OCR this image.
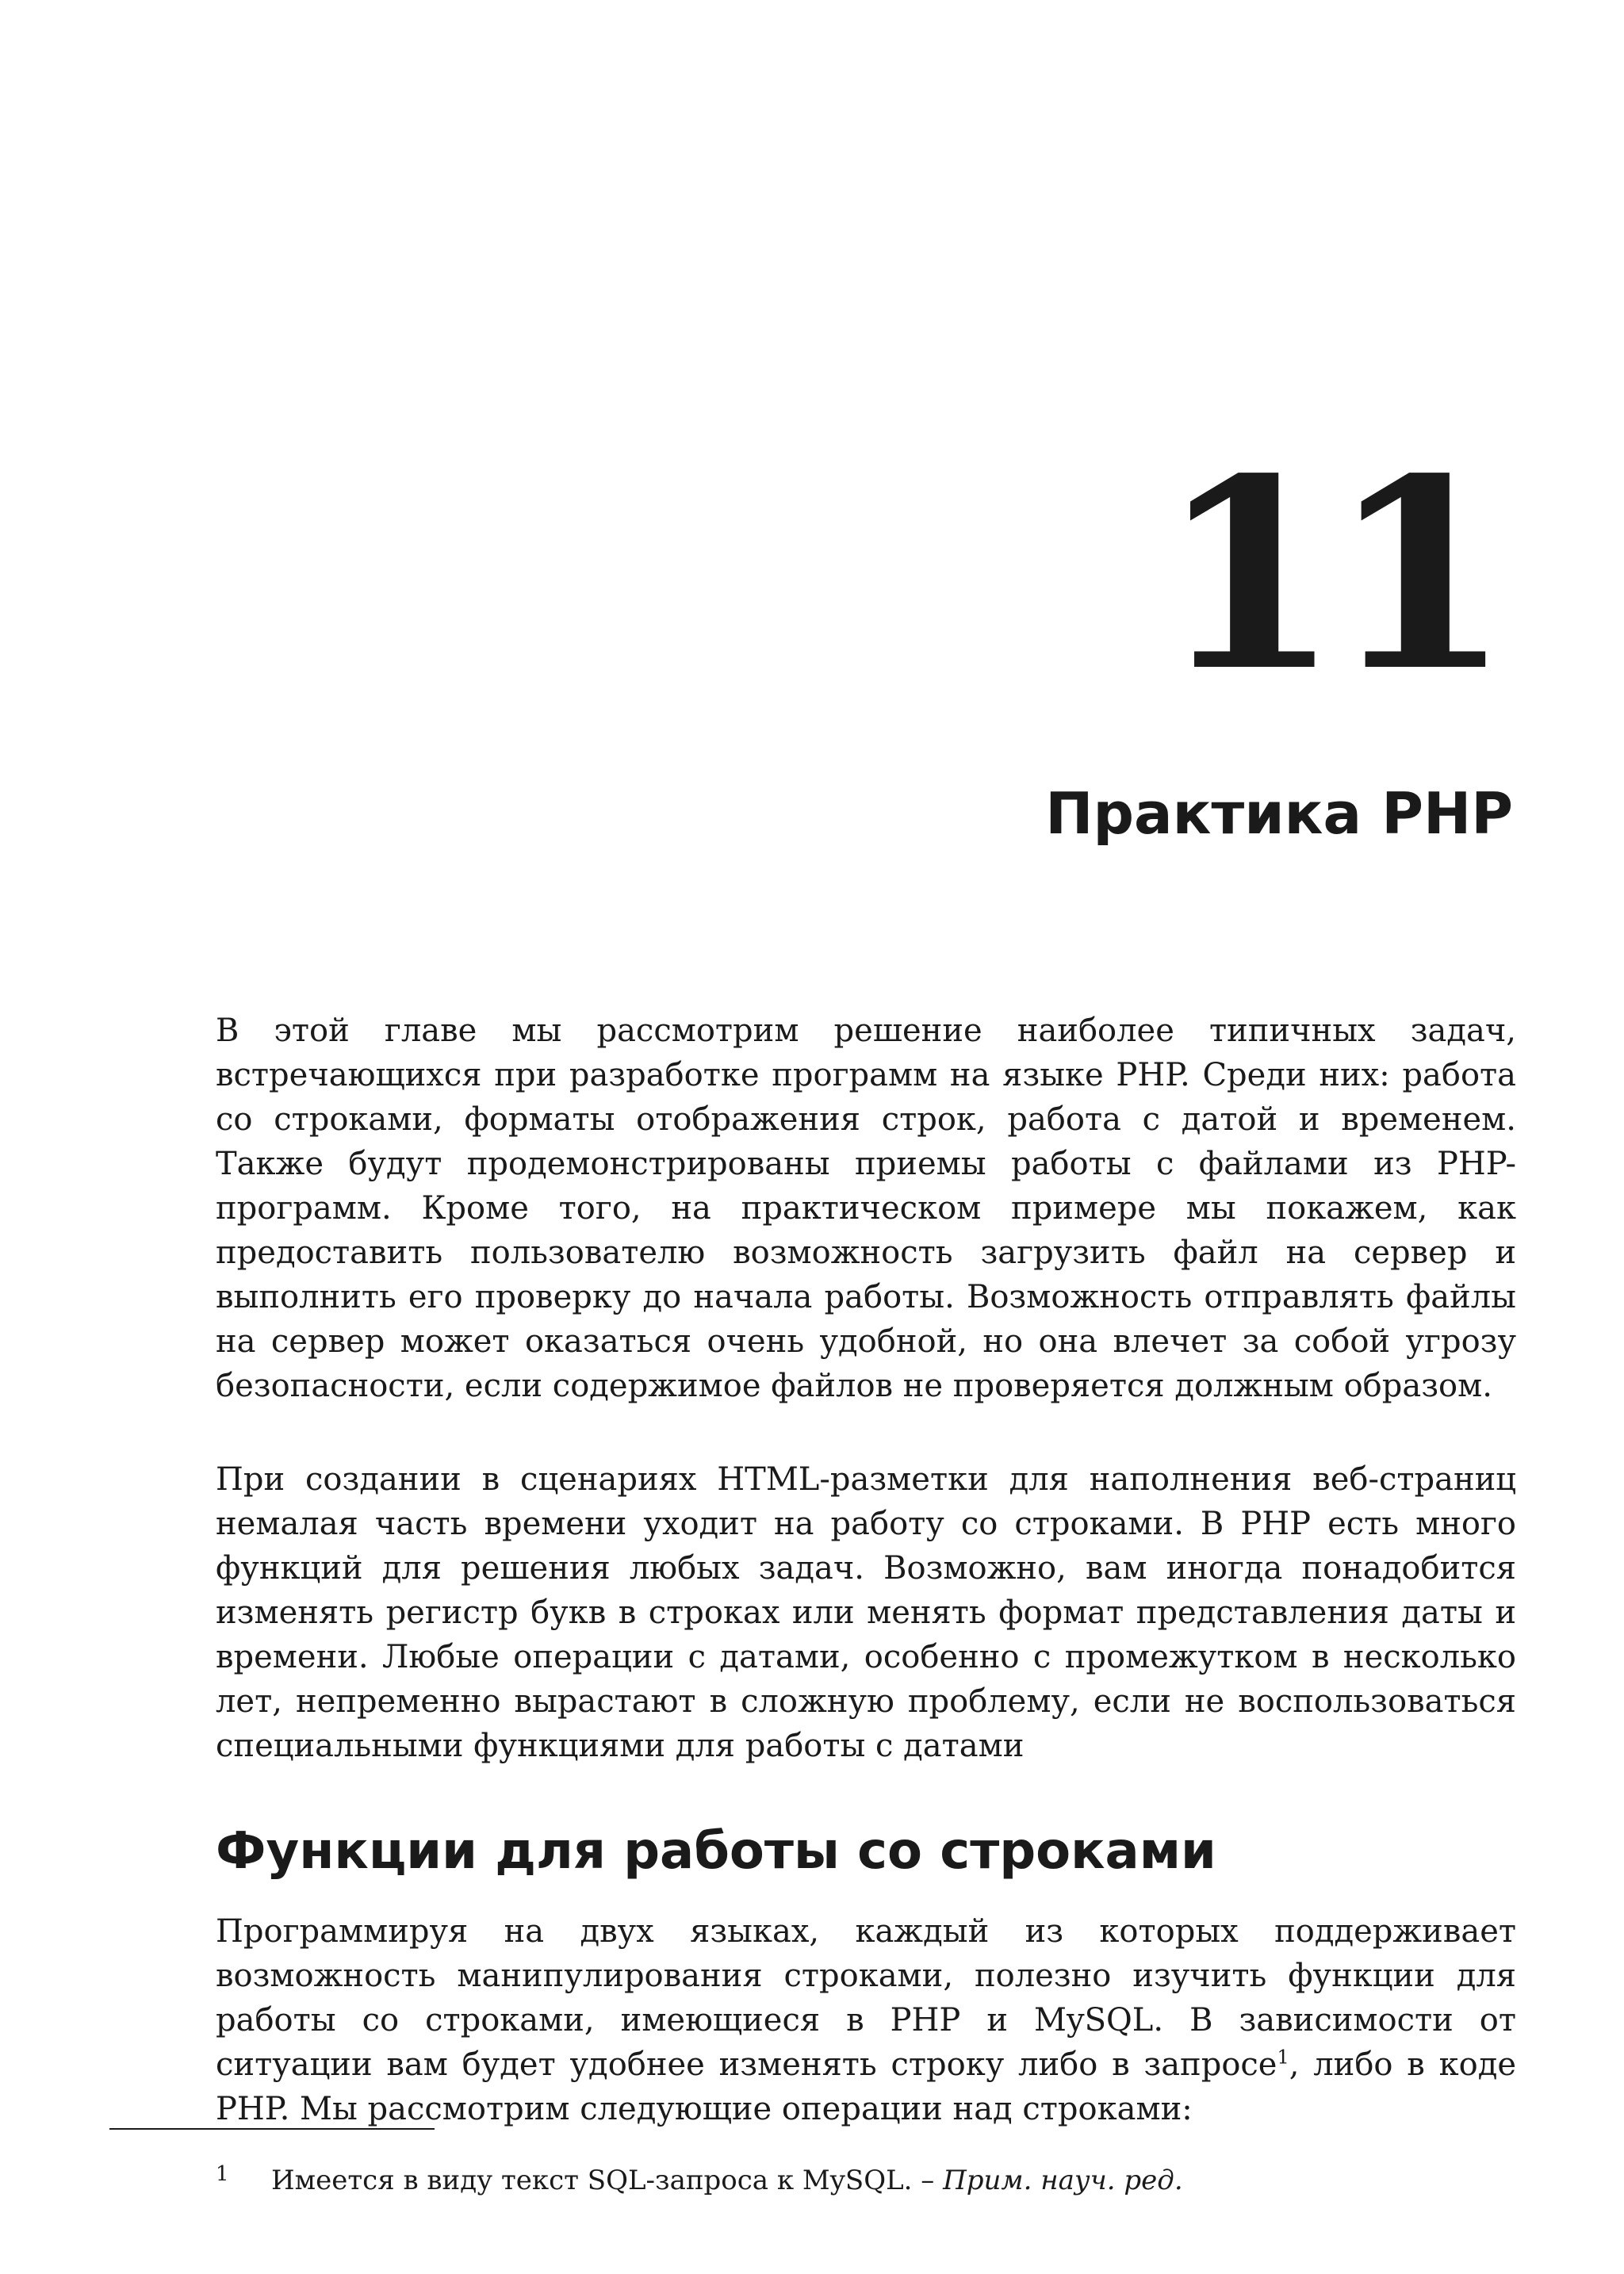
11
Практика PHP

В этой главе мы рассмотрим решение наиболее типичных задач, встречающихся при разработке программ на языке PHP. Среди них: работа со строками, форматы отображения строк, работа с датой и временем. Также будут продемонстрированы приемы работы с файлами из PHP-программ. Кроме того, на практическом примере мы покажем, как предоставить пользователю возможность загрузить файл на сервер и выполнить его проверку до начала работы. Возможность отправлять файлы на сервер может оказаться очень удобной, но она влечет за собой угрозу безопасности, если содержимое файлов не проверяется должным образом.

При создании в сценариях HTML-разметки для наполнения веб-страниц немалая часть времени уходит на работу со строками. В PHP есть много функций для решения любых задач. Возможно, вам иногда понадобится изменять регистр букв в строках или менять формат представления даты и времени. Любые операции с датами, особенно с промежутком в несколько лет, непременно вырастают в сложную проблему, если не воспользоваться специальными функциями для работы с датами

Функции для работы со строками

Программируя на двух языках, каждый из которых поддерживает возможность манипулирования строками, полезно изучить функции для работы со строками, имеющиеся в PHP и MySQL. В зависимости от ситуации вам будет удобнее изменять строку либо в запросе$^1$, либо в коде PHP. Мы рассмотрим следующие операции над строками:

1 Имеется в виду текст SQL-запроса к MySQL. – Прим. науч. ред.
